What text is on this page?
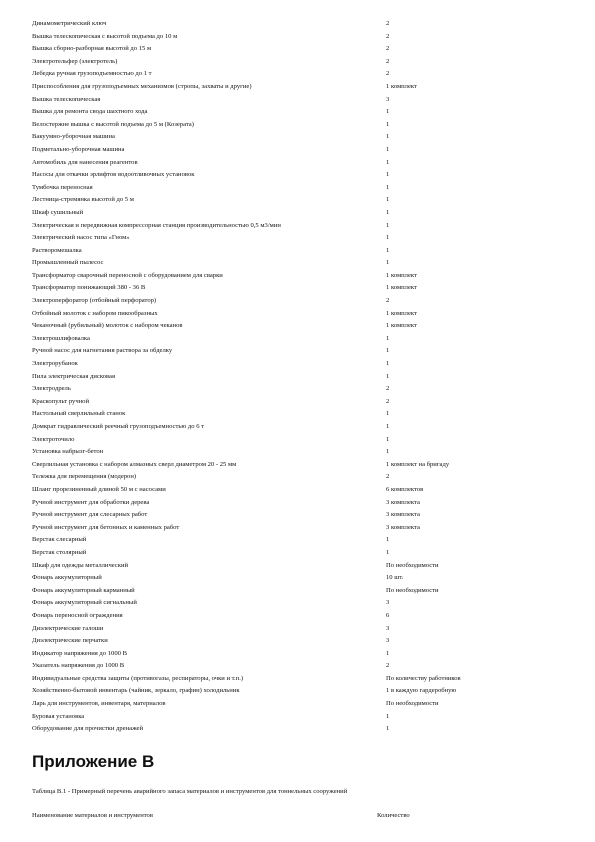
Динамометрический ключ	2
Вышка телескопическая с высотой подъема до 10 м	2
Вышка сборно-разборная высотой до 15 м	2
Электротельфер (электротель)	2
Лебедка ручная грузоподъемностью до 1 т	2
Приспособления для грузоподъемных механизмов (стропы, захваты и другие)	1 комплект
Вышка телескопическая	3
Вышка для ремонта свода шахтного хода	1
Велостержне вышка с высотой подъема до 5 м (Козерата)	1
Вакуумно-уборочная машина	1
Подметально-уборочная машина	1
Автомобиль для нанесения реагентов	1
Насосы для откачки эрлифтов водоотливочных установок	1
Тумбочка переносная	1
Лестница-стремянка высотой до 5 м	1
Шкаф сушильный	1
Электрическая и передвижная компрессорная станция производительностью 0,5 м3/мин	1
Электрический насос типа «Гном»	1
Растворомешалка	1
Промышленный пылесос	1
Трансформатор сварочный переносной с оборудованием для сварки	1 комплект
Трансформатор понижающий 380 - 36 В	1 комплект
Электроперфоратор (отбойный перфоратор)	2
Отбойный молоток с набором пикообразных	1 комплект
Чеканочный (рубильный) молоток с набором чеканов	1 комплект
Электрошлифовалка	1
Ручной насос для нагнетания раствора за обделку	1
Электрорубанок	1
Пила электрическая дисковая	1
Электродрель	2
Краскопульт ручной	2
Настольный сверлильный станок	1
Домкрат гидравлический реечный грузоподъемностью до 6 т	1
Электроточило	1
Установка набрызг-бетон	1
Сверлильная установка с набором алмазных сверл диаметром 20 - 25 мм	1 комплект на бригаду
Тележка для перемещения (модерон)	2
Шланг прорезиненный длиной 50 м с насосами	6 комплектов
Ручной инструмент для обработки дерева	3 комплекта
Ручной инструмент для слесарных работ	3 комплекта
Ручной инструмент для бетонных и каменных работ	3 комплекта
Верстак слесарный	1
Верстак столярный	1
Шкаф для одежды металлический	По необходимости
Фонарь аккумуляторный	10 шт.
Фонарь аккумуляторный карманный	По необходимости
Фонарь аккумуляторный сигнальный	3
Фонарь переносной ограждения	6
Диэлектрические галоши	3
Диэлектрические перчатки	3
Индикатор напряжения до 1000 В	1
Указатель напряжения до 1000 В	2
Индивидуальные средства защиты (противогазы, респираторы, очки и т.п.)	По количеству работников
Хозяйственно-бытовой инвентарь (чайник, зеркало, графин) холодильник	1 в каждую гардеробную
Ларь для инструментов, инвентаря, материалов	По необходимости
Буровая установка	1
Оборудование для прочистки дренажей	1
Приложение В
Таблица В.1 - Примерный перечень аварийного запаса материалов и инструментов для тоннельных сооружений
Наименование материалов и инструментов	Количество
